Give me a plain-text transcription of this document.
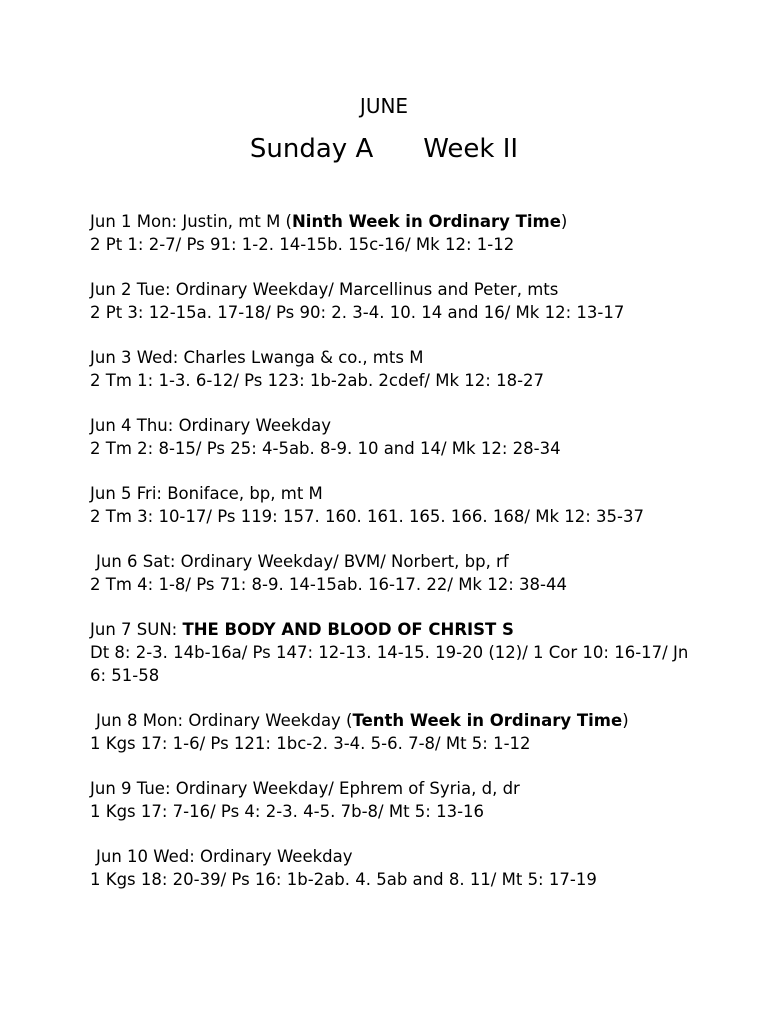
JUNE
Sunday A Week II
Jun 1 Mon: Justin, mt M (Ninth Week in Ordinary Time)
2 Pt 1: 2-7/ Ps 91: 1-2. 14-15b. 15c-16/ Mk 12: 1-12
Jun 2 Tue: Ordinary Weekday/ Marcellinus and Peter, mts
2 Pt 3: 12-15a. 17-18/ Ps 90: 2. 3-4. 10. 14 and 16/ Mk 12: 13-17
Jun 3 Wed: Charles Lwanga & co., mts M
2 Tm 1: 1-3. 6-12/ Ps 123: 1b-2ab. 2cdef/ Mk 12: 18-27
Jun 4 Thu: Ordinary Weekday
2 Tm 2: 8-15/ Ps 25: 4-5ab. 8-9. 10 and 14/ Mk 12: 28-34
Jun 5 Fri: Boniface, bp, mt M
2 Tm 3: 10-17/ Ps 119: 157. 160. 161. 165. 166. 168/ Mk 12: 35-37
Jun 6 Sat: Ordinary Weekday/ BVM/ Norbert, bp, rf
2 Tm 4: 1-8/ Ps 71: 8-9. 14-15ab. 16-17. 22/ Mk 12: 38-44
Jun 7 SUN: THE BODY AND BLOOD OF CHRIST S
Dt 8: 2-3. 14b-16a/ Ps 147: 12-13. 14-15. 19-20 (12)/ 1 Cor 10: 16-17/ Jn 6: 51-58
Jun 8 Mon: Ordinary Weekday (Tenth Week in Ordinary Time)
1 Kgs 17: 1-6/ Ps 121: 1bc-2. 3-4. 5-6. 7-8/ Mt 5: 1-12
Jun 9 Tue: Ordinary Weekday/ Ephrem of Syria, d, dr
1 Kgs 17: 7-16/ Ps 4: 2-3. 4-5. 7b-8/ Mt 5: 13-16
Jun 10 Wed: Ordinary Weekday
1 Kgs 18: 20-39/ Ps 16: 1b-2ab. 4. 5ab and 8. 11/ Mt 5: 17-19
